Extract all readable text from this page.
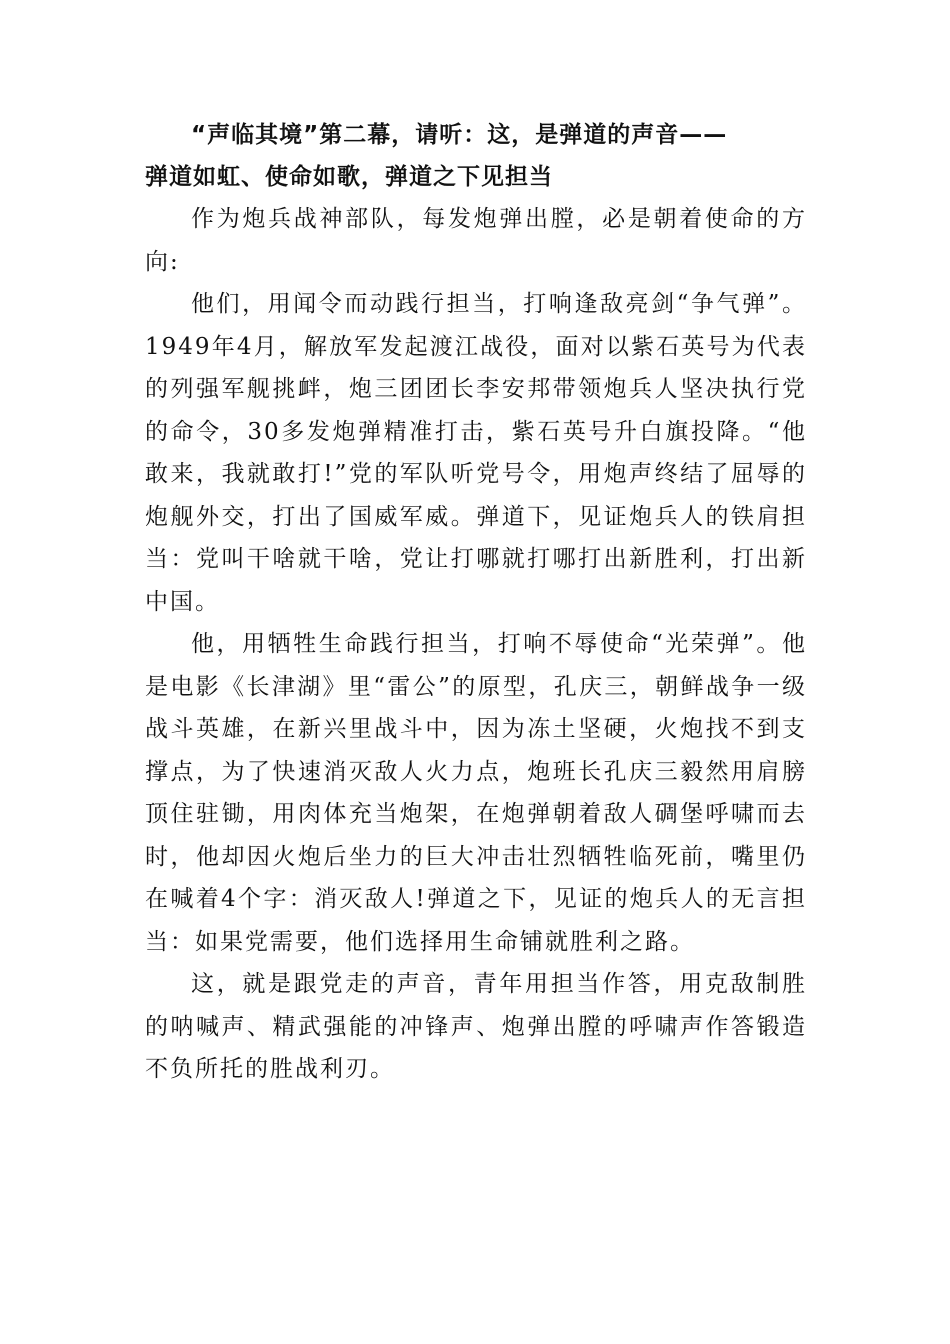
“声临其境”第二幕，请听：这，是弹道的声音——

弹道如虹、使命如歌，弹道之下见担当

作为炮兵战神部队，每发炮弹出膛，必是朝着使命的方向:

他们，用闻令而动践行担当，打响逢敌亮剑“争气弹”。1949年4月，解放军发起渡江战役，面对以紫石英号为代表的列强军舰挑衅，炮三团团长李安邦带领炮兵人坚决执行党的命令，30多发炮弹精准打击，紫石英号升白旗投降。“他敢来，我就敢打!”党的军队听党号令，用炮声终结了屈辱的炮舰外交，打出了国威军威。弹道下，见证炮兵人的铁肩担当：党叫干啥就干啥，党让打哪就打哪打出新胜利，打出新中国。

他，用牺牲生命践行担当，打响不辱使命“光荣弹”。他是电影《长津湖》里“雷公”的原型，孔庆三，朝鲜战争一级战斗英雄，在新兴里战斗中，因为冻土坚硬，火炮找不到支撑点，为了快速消灭敌人火力点，炮班长孔庆三毅然用肩膀顶住驻锄，用肉体充当炮架，在炮弹朝着敌人碉堡呼啸而去时，他却因火炮后坐力的巨大冲击壮烈牺牲临死前，嘴里仍在喊着4个字：消灭敌人!弹道之下，见证的炮兵人的无言担当：如果党需要，他们选择用生命铺就胜利之路。

这，就是跟党走的声音，青年用担当作答，用克敌制胜的呐喊声、精武强能的冲锋声、炮弹出膛的呼啸声作答锻造不负所托的胜战利刃。
